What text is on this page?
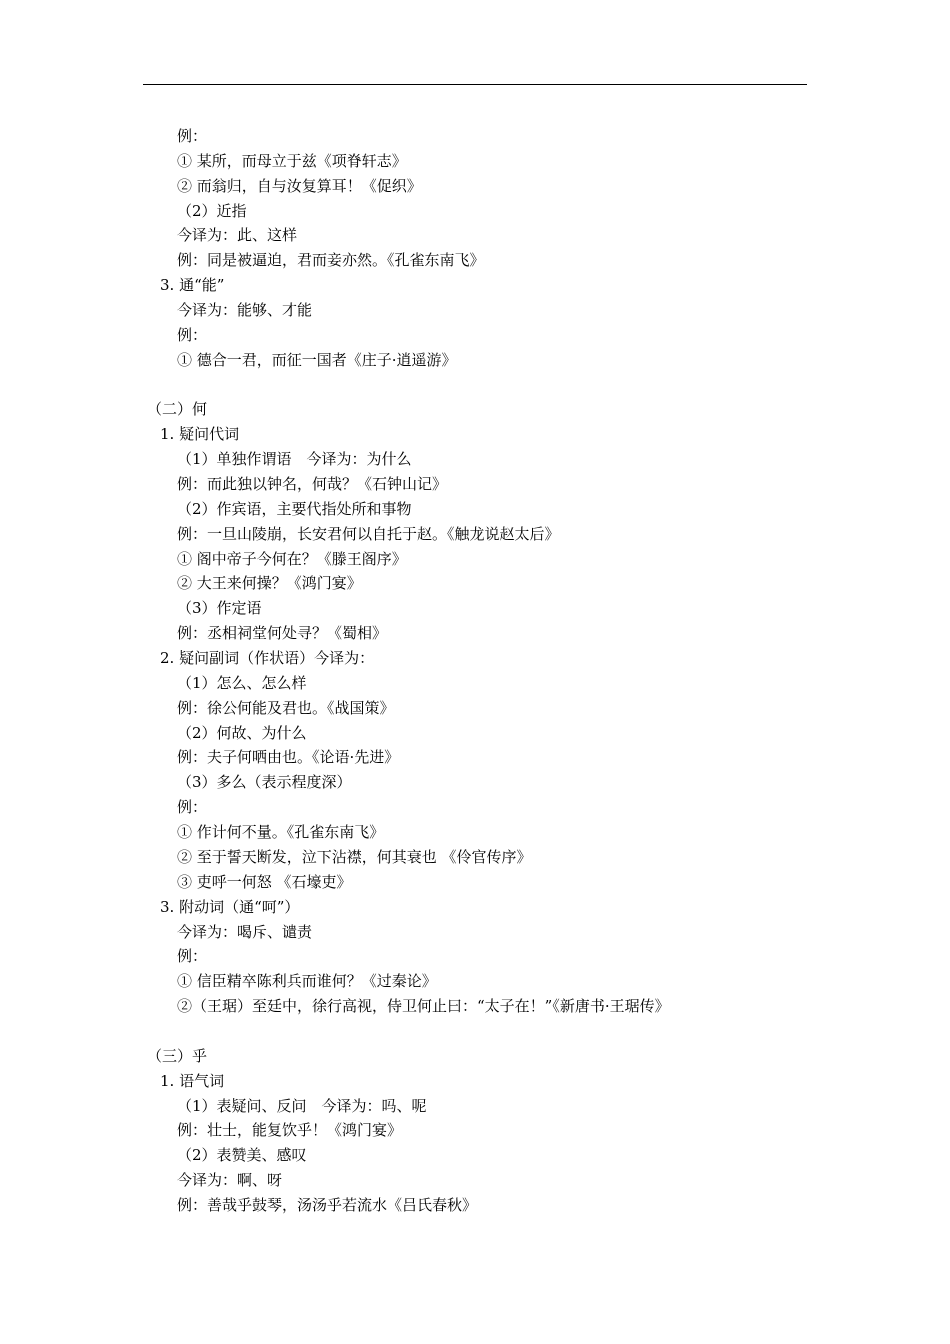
例：
① 某所，而母立于兹《项脊轩志》
② 而翁归，自与汝复算耳！《促织》
（2）近指
今译为：此、这样
例：同是被逼迫，君而妾亦然。《孔雀东南飞》
3. 通“能”
今译为：能够、才能
例：
① 德合一君，而征一国者《庄子·逍遥游》
（二）何
1. 疑问代词
（1）单独作谓语　今译为：为什么
例：而此独以钟名，何哉？《石钟山记》
（2）作宾语，主要代指处所和事物
例：一旦山陵崩，长安君何以自托于赵。《触龙说赵太后》
① 阁中帝子今何在？《滕王阁序》
② 大王来何操？《鸿门宴》
（3）作定语
例：丞相祠堂何处寻？《蜀相》
2. 疑问副词（作状语）今译为：
（1）怎么、怎么样
例：徐公何能及君也。《战国策》
（2）何故、为什么
例：夫子何哂由也。《论语·先进》
（3）多么（表示程度深）
例：
① 作计何不量。《孔雀东南飞》
② 至于誓天断发，泣下沾襟，何其衰也 《伶官传序》
③ 吏呼一何怒 《石壕吏》
3. 附动词（通“呵”）
今译为：喝斥、谴责
例：
① 信臣精卒陈利兵而谁何？《过秦论》
②（王琚）至廷中，徐行高视，侍卫何止曰：“太子在！”《新唐书·王琚传》
（三）乎
1. 语气词
（1）表疑问、反问　今译为：吗、呢
例：壮士，能复饮乎！《鸿门宴》
（2）表赞美、感叹
今译为：啊、呀
例：善哉乎鼓琴，汤汤乎若流水《吕氏春秋》
